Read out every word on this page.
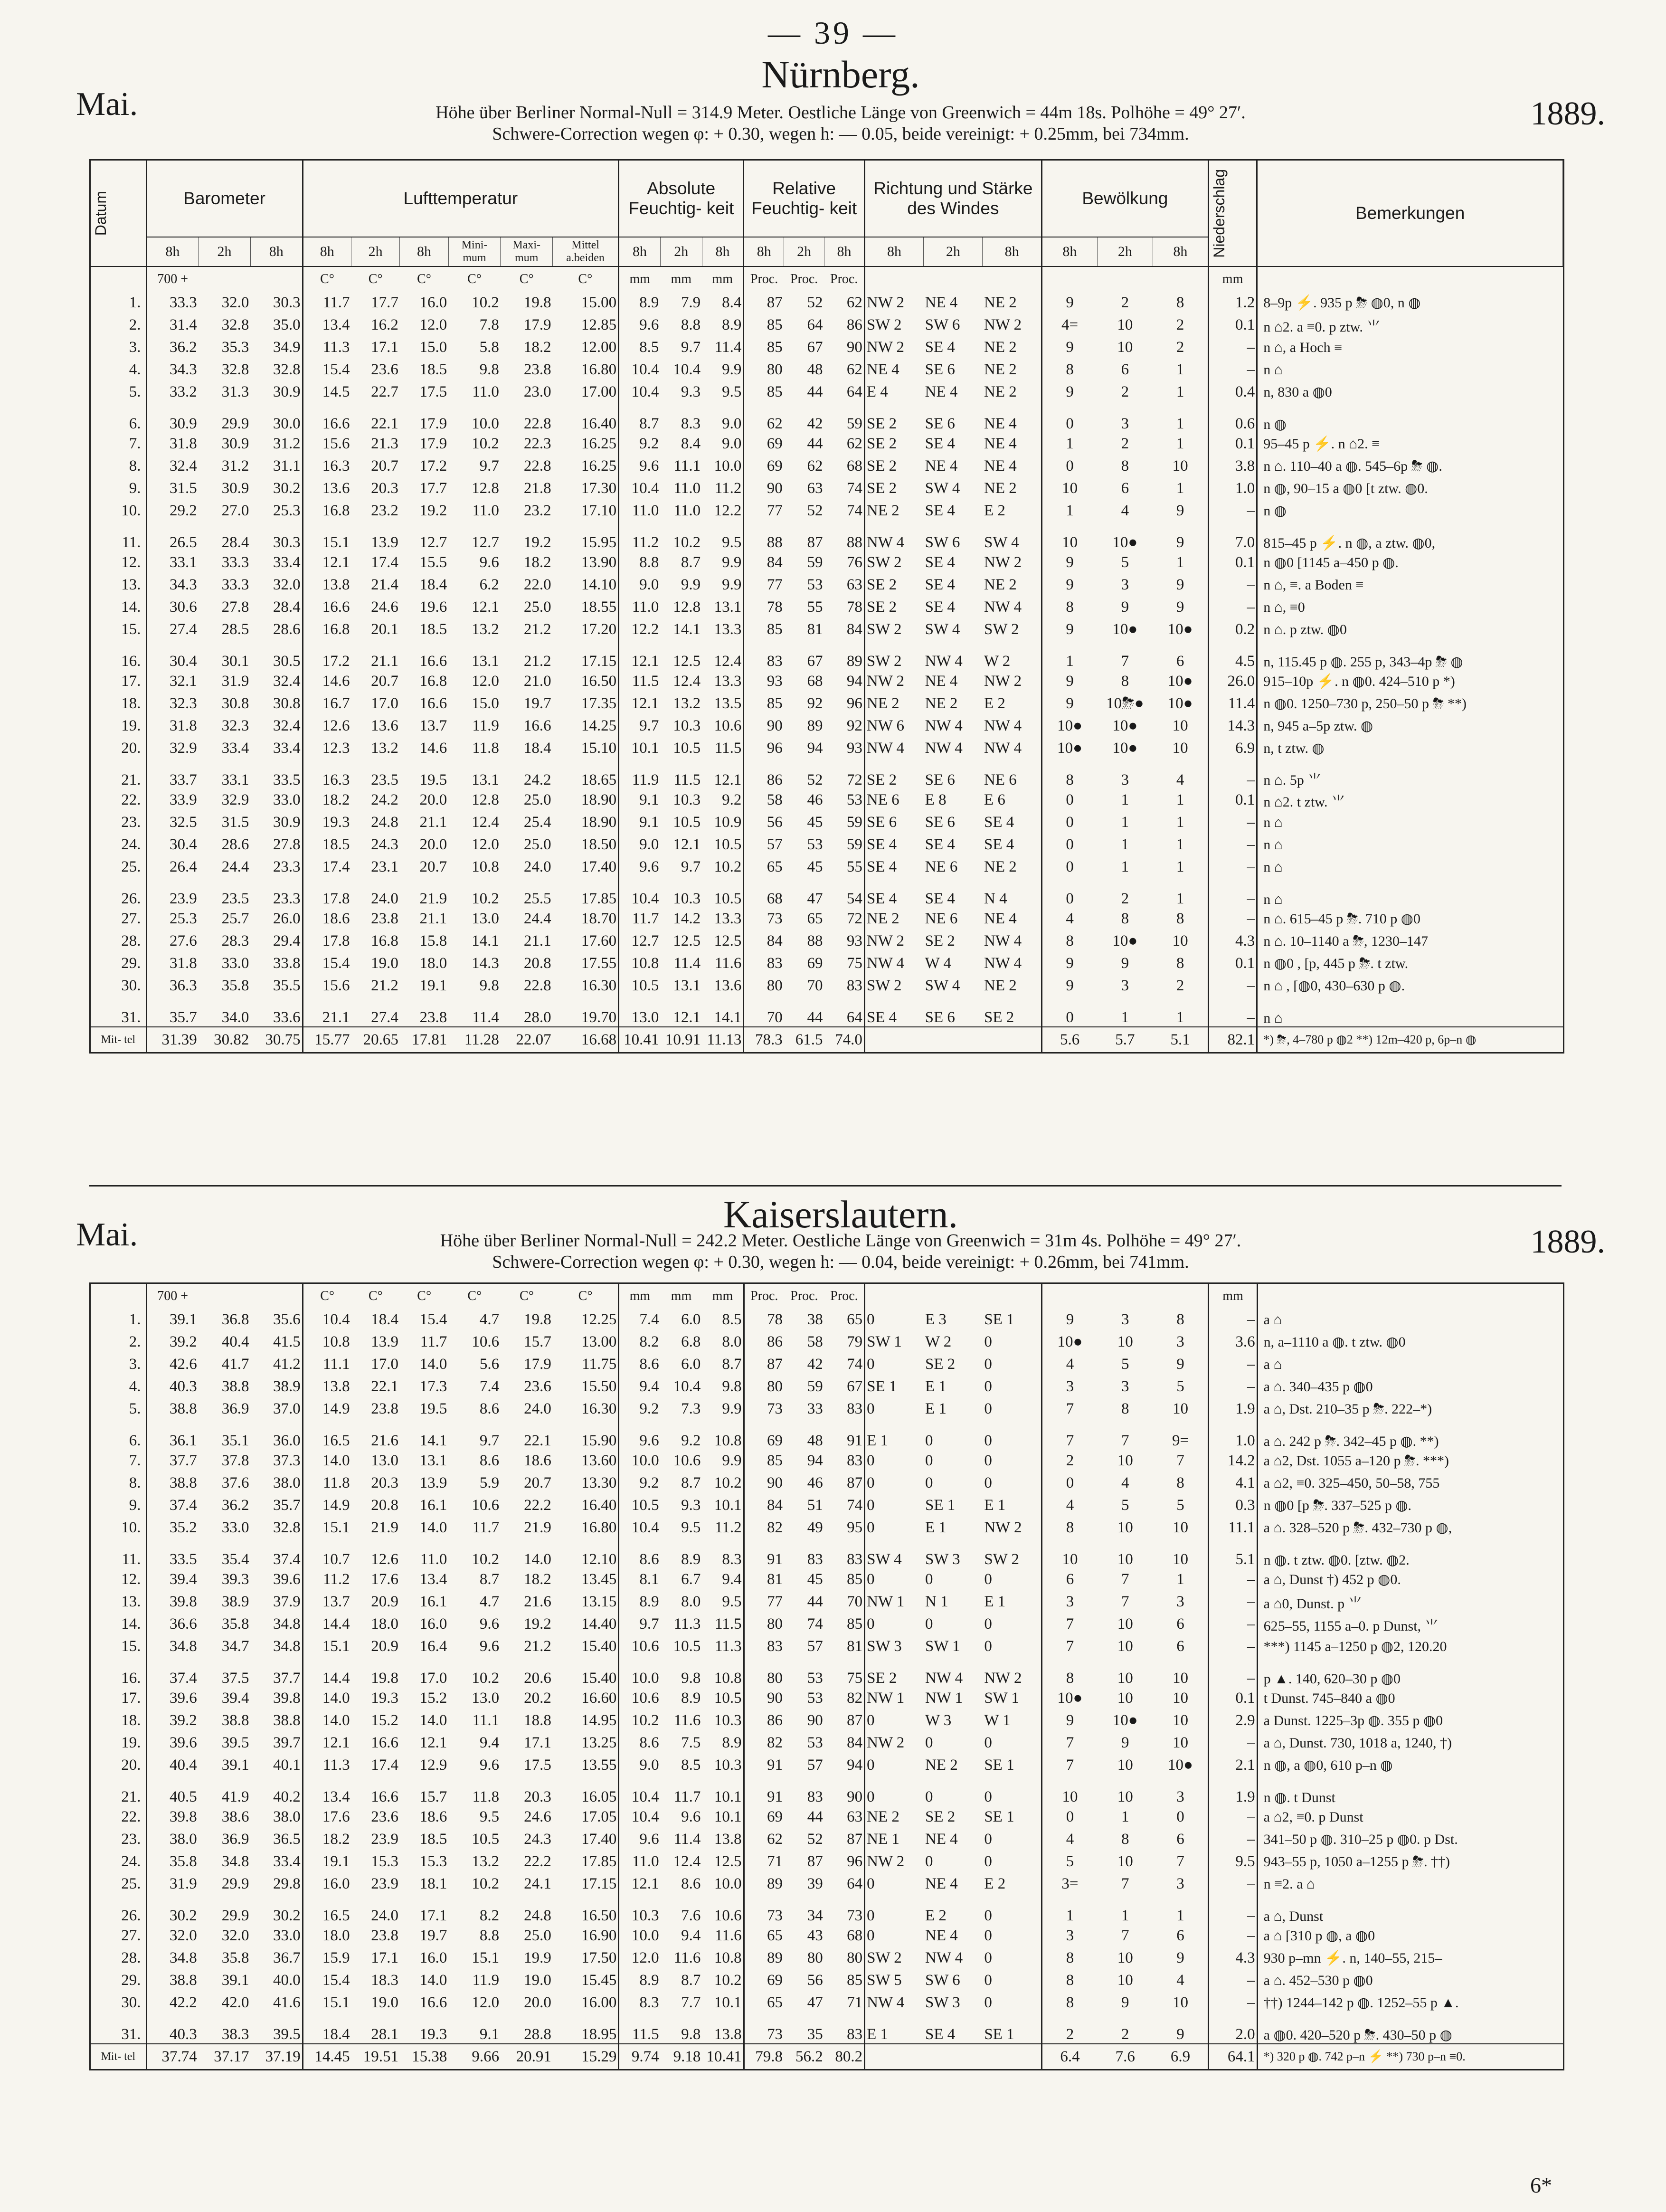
— 39 —
Nürnberg.
Mai.	1889.
Höhe über Berliner Normal-Null = 314.9 Meter. Oestliche Länge von Greenwich = 44m 18s. Polhöhe = 49° 27′.
Schwere-Correction wegen φ: + 0.30, wegen h: — 0.05, beide vereinigt: + 0.25mm, bei 734mm.
Datum	Barometer			Lufttemperatur						Absolute Feuchtig- keit			Relative Feuchtig- keit			Richtung und Stärke des Windes			Bewölkung			Niederschlag	Bemerkungen
	8h	2h	8h	8h	2h	8h	Mini- mum	Maxi- mum	Mittel a.beiden	8h	2h	8h	8h	2h	8h	8h	2h	8h	8h	2h	8h		
	700 +			C°	C°	C°	C°	C°	C°	mm	mm	mm	Proc.	Proc.	Proc.							mm	
1.	33.3	32.0	30.3	11.7	17.7	16.0	10.2	19.8	15.00	8.9	7.9	8.4	87	52	62	NW 2	NE 4	NE 2	9	2	8	1.2	8–9p ⚡. 935 p ⛈ ◍0, n ◍
2.	31.4	32.8	35.0	13.4	16.2	12.0	7.8	17.9	12.85	9.6	8.8	8.9	85	64	86	SW 2	SW 6	NW 2	4=	10	2	0.1	n ⌂2. a ≡0. p ztw. ⺌
3.	36.2	35.3	34.9	11.3	17.1	15.0	5.8	18.2	12.00	8.5	9.7	11.4	85	67	90	NW 2	SE 4	NE 2	9	10	2	–	n ⌂, a Hoch ≡
4.	34.3	32.8	32.8	15.4	23.6	18.5	9.8	23.8	16.80	10.4	10.4	9.9	80	48	62	NE 4	SE 6	NE 2	8	6	1	–	n ⌂
5.	33.2	31.3	30.9	14.5	22.7	17.5	11.0	23.0	17.00	10.4	9.3	9.5	85	44	64	E 4	NE 4	NE 2	9	2	1	0.4	n, 830 a ◍0
6.	30.9	29.9	30.0	16.6	22.1	17.9	10.0	22.8	16.40	8.7	8.3	9.0	62	42	59	SE 2	SE 6	NE 4	0	3	1	0.6	n ◍
7.	31.8	30.9	31.2	15.6	21.3	17.9	10.2	22.3	16.25	9.2	8.4	9.0	69	44	62	SE 2	SE 4	NE 4	1	2	1	0.1	95–45 p ⚡. n ⌂2. ≡
8.	32.4	31.2	31.1	16.3	20.7	17.2	9.7	22.8	16.25	9.6	11.1	10.0	69	62	68	SE 2	NE 4	NE 4	0	8	10	3.8	n ⌂. 110–40 a ◍. 545–6p ⛈ ◍.
9.	31.5	30.9	30.2	13.6	20.3	17.7	12.8	21.8	17.30	10.4	11.0	11.2	90	63	74	SE 2	SW 4	NE 2	10	6	1	1.0	n ◍, 90–15 a ◍0 [t ztw. ◍0.
10.	29.2	27.0	25.3	16.8	23.2	19.2	11.0	23.2	17.10	11.0	11.0	12.2	77	52	74	NE 2	SE 4	E 2	1	4	9	–	n ◍
11.	26.5	28.4	30.3	15.1	13.9	12.7	12.7	19.2	15.95	11.2	10.2	9.5	88	87	88	NW 4	SW 6	SW 4	10	10●	9	7.0	815–45 p ⚡. n ◍, a ztw. ◍0,
12.	33.1	33.3	33.4	12.1	17.4	15.5	9.6	18.2	13.90	8.8	8.7	9.9	84	59	76	SW 2	SE 4	NW 2	9	5	1	0.1	n ◍0 [1145 a–450 p ◍.
13.	34.3	33.3	32.0	13.8	21.4	18.4	6.2	22.0	14.10	9.0	9.9	9.9	77	53	63	SE 2	SE 4	NE 2	9	3	9	–	n ⌂, ≡. a Boden ≡
14.	30.6	27.8	28.4	16.6	24.6	19.6	12.1	25.0	18.55	11.0	12.8	13.1	78	55	78	SE 2	SE 4	NW 4	8	9	9	–	n ⌂, ≡0
15.	27.4	28.5	28.6	16.8	20.1	18.5	13.2	21.2	17.20	12.2	14.1	13.3	85	81	84	SW 2	SW 4	SW 2	9	10●	10●	0.2	n ⌂. p ztw. ◍0
16.	30.4	30.1	30.5	17.2	21.1	16.6	13.1	21.2	17.15	12.1	12.5	12.4	83	67	89	SW 2	NW 4	W 2	1	7	6	4.5	n, 115.45 p ◍. 255 p, 343–4p ⛈ ◍
17.	32.1	31.9	32.4	14.6	20.7	16.8	12.0	21.0	16.50	11.5	12.4	13.3	93	68	94	NW 2	NE 4	NW 2	9	8	10●	26.0	915–10p ⚡. n ◍0. 424–510 p *)
18.	32.3	30.8	30.8	16.7	17.0	16.6	15.0	19.7	17.35	12.1	13.2	13.5	85	92	96	NE 2	NE 2	E 2	9	10⛈●	10●	11.4	n ◍0. 1250–730 p, 250–50 p ⛈ **)
19.	31.8	32.3	32.4	12.6	13.6	13.7	11.9	16.6	14.25	9.7	10.3	10.6	90	89	92	NW 6	NW 4	NW 4	10●	10●	10	14.3	n, 945 a–5p ztw. ◍
20.	32.9	33.4	33.4	12.3	13.2	14.6	11.8	18.4	15.10	10.1	10.5	11.5	96	94	93	NW 4	NW 4	NW 4	10●	10●	10	6.9	n, t ztw. ◍
21.	33.7	33.1	33.5	16.3	23.5	19.5	13.1	24.2	18.65	11.9	11.5	12.1	86	52	72	SE 2	SE 6	NE 6	8	3	4	–	n ⌂. 5p ⺌
22.	33.9	32.9	33.0	18.2	24.2	20.0	12.8	25.0	18.90	9.1	10.3	9.2	58	46	53	NE 6	E 8	E 6	0	1	1	0.1	n ⌂2. t ztw. ⺌
23.	32.5	31.5	30.9	19.3	24.8	21.1	12.4	25.4	18.90	9.1	10.5	10.9	56	45	59	SE 6	SE 6	SE 4	0	1	1	–	n ⌂
24.	30.4	28.6	27.8	18.5	24.3	20.0	12.0	25.0	18.50	9.0	12.1	10.5	57	53	59	SE 4	SE 4	SE 4	0	1	1	–	n ⌂
25.	26.4	24.4	23.3	17.4	23.1	20.7	10.8	24.0	17.40	9.6	9.7	10.2	65	45	55	SE 4	NE 6	NE 2	0	1	1	–	n ⌂
26.	23.9	23.5	23.3	17.8	24.0	21.9	10.2	25.5	17.85	10.4	10.3	10.5	68	47	54	SE 4	SE 4	N 4	0	2	1	–	n ⌂
27.	25.3	25.7	26.0	18.6	23.8	21.1	13.0	24.4	18.70	11.7	14.2	13.3	73	65	72	NE 2	NE 6	NE 4	4	8	8	–	n ⌂. 615–45 p ⛈. 710 p ◍0
28.	27.6	28.3	29.4	17.8	16.8	15.8	14.1	21.1	17.60	12.7	12.5	12.5	84	88	93	NW 2	SE 2	NW 4	8	10●	10	4.3	n ⌂. 10–1140 a ⛈, 1230–147
29.	31.8	33.0	33.8	15.4	19.0	18.0	14.3	20.8	17.55	10.8	11.4	11.6	83	69	75	NW 4	W 4	NW 4	9	9	8	0.1	n ◍0 , [p, 445 p ⛈. t ztw.
30.	36.3	35.8	35.5	15.6	21.2	19.1	9.8	22.8	16.30	10.5	13.1	13.6	80	70	83	SW 2	SW 4	NE 2	9	3	2	–	n ⌂ , [◍0, 430–630 p ◍.
31.	35.7	34.0	33.6	21.1	27.4	23.8	11.4	28.0	19.70	13.0	12.1	14.1	70	44	64	SE 4	SE 6	SE 2	0	1	1	–	n ⌂
Mit- tel	31.39	30.82	30.75	15.77	20.65	17.81	11.28	22.07	16.68	10.41	10.91	11.13	78.3	61.5	74.0				5.6	5.7	5.1	82.1	*) ⛈, 4–780 p ◍2 **) 12m–420 p, 6p–n ◍
Kaiserslautern.
Mai.	1889.
Höhe über Berliner Normal-Null = 242.2 Meter. Oestliche Länge von Greenwich = 31m 4s. Polhöhe = 49° 27′.
Schwere-Correction wegen φ: + 0.30, wegen h: — 0.04, beide vereinigt: + 0.26mm, bei 741mm.
	700 +			C°	C°	C°	C°	C°	C°	mm	mm	mm	Proc.	Proc.	Proc.							mm	
1.	39.1	36.8	35.6	10.4	18.4	15.4	4.7	19.8	12.25	7.4	6.0	8.5	78	38	65	0	E 3	SE 1	9	3	8	–	a ⌂
2.	39.2	40.4	41.5	10.8	13.9	11.7	10.6	15.7	13.00	8.2	6.8	8.0	86	58	79	SW 1	W 2	0	10●	10	3	3.6	n, a–1110 a ◍. t ztw. ◍0
3.	42.6	41.7	41.2	11.1	17.0	14.0	5.6	17.9	11.75	8.6	6.0	8.7	87	42	74	0	SE 2	0	4	5	9	–	a ⌂
4.	40.3	38.8	38.9	13.8	22.1	17.3	7.4	23.6	15.50	9.4	10.4	9.8	80	59	67	SE 1	E 1	0	3	3	5	–	a ⌂. 340–435 p ◍0
5.	38.8	36.9	37.0	14.9	23.8	19.5	8.6	24.0	16.30	9.2	7.3	9.9	73	33	83	0	E 1	0	7	8	10	1.9	a ⌂, Dst. 210–35 p ⛈. 222–*)
6.	36.1	35.1	36.0	16.5	21.6	14.1	9.7	22.1	15.90	9.6	9.2	10.8	69	48	91	E 1	0	0	7	7	9=	1.0	a ⌂. 242 p ⛈. 342–45 p ◍. **)
7.	37.7	37.8	37.3	14.0	13.0	13.1	8.6	18.6	13.60	10.0	10.6	9.9	85	94	83	0	0	0	2	10	7	14.2	a ⌂2, Dst. 1055 a–120 p ⛈. ***)
8.	38.8	37.6	38.0	11.8	20.3	13.9	5.9	20.7	13.30	9.2	8.7	10.2	90	46	87	0	0	0	0	4	8	4.1	a ⌂2, ≡0. 325–450, 50–58, 755
9.	37.4	36.2	35.7	14.9	20.8	16.1	10.6	22.2	16.40	10.5	9.3	10.1	84	51	74	0	SE 1	E 1	4	5	5	0.3	n ◍0 [p ⛈. 337–525 p ◍.
10.	35.2	33.0	32.8	15.1	21.9	14.0	11.7	21.9	16.80	10.4	9.5	11.2	82	49	95	0	E 1	NW 2	8	10	10	11.1	a ⌂. 328–520 p ⛈. 432–730 p ◍,
11.	33.5	35.4	37.4	10.7	12.6	11.0	10.2	14.0	12.10	8.6	8.9	8.3	91	83	83	SW 4	SW 3	SW 2	10	10	10	5.1	n ◍. t ztw. ◍0. [ztw. ◍2.
12.	39.4	39.3	39.6	11.2	17.6	13.4	8.7	18.2	13.45	8.1	6.7	9.4	81	45	85	0	0	0	6	7	1	–	a ⌂, Dunst †) 452 p ◍0.
13.	39.8	38.9	37.9	13.7	20.9	16.1	4.7	21.6	13.15	8.9	8.0	9.5	77	44	70	NW 1	N 1	E 1	3	7	3	–	a ⌂0, Dunst. p ⺌
14.	36.6	35.8	34.8	14.4	18.0	16.0	9.6	19.2	14.40	9.7	11.3	11.5	80	74	85	0	0	0	7	10	6	–	625–55, 1155 a–0. p Dunst, ⺌
15.	34.8	34.7	34.8	15.1	20.9	16.4	9.6	21.2	15.40	10.6	10.5	11.3	83	57	81	SW 3	SW 1	0	7	10	6	–	***) 1145 a–1250 p ◍2, 120.20
16.	37.4	37.5	37.7	14.4	19.8	17.0	10.2	20.6	15.40	10.0	9.8	10.8	80	53	75	SE 2	NW 4	NW 2	8	10	10	–	p ▲. 140, 620–30 p ◍0
17.	39.6	39.4	39.8	14.0	19.3	15.2	13.0	20.2	16.60	10.6	8.9	10.5	90	53	82	NW 1	NW 1	SW 1	10●	10	10	0.1	t Dunst. 745–840 a ◍0
18.	39.2	38.8	38.8	14.0	15.2	14.0	11.1	18.8	14.95	10.2	11.6	10.3	86	90	87	0	W 3	W 1	9	10●	10	2.9	a Dunst. 1225–3p ◍. 355 p ◍0
19.	39.6	39.5	39.7	12.1	16.6	12.1	9.4	17.1	13.25	8.6	7.5	8.9	82	53	84	NW 2	0	0	7	9	10	–	a ⌂, Dunst. 730, 1018 a, 1240, †)
20.	40.4	39.1	40.1	11.3	17.4	12.9	9.6	17.5	13.55	9.0	8.5	10.3	91	57	94	0	NE 2	SE 1	7	10	10●	2.1	n ◍, a ◍0, 610 p–n ◍
21.	40.5	41.9	40.2	13.4	16.6	15.7	11.8	20.3	16.05	10.4	11.7	10.1	91	83	90	0	0	0	10	10	3	1.9	n ◍. t Dunst
22.	39.8	38.6	38.0	17.6	23.6	18.6	9.5	24.6	17.05	10.4	9.6	10.1	69	44	63	NE 2	SE 2	SE 1	0	1	0	–	a ⌂2, ≡0. p Dunst
23.	38.0	36.9	36.5	18.2	23.9	18.5	10.5	24.3	17.40	9.6	11.4	13.8	62	52	87	NE 1	NE 4	0	4	8	6	–	341–50 p ◍. 310–25 p ◍0. p Dst.
24.	35.8	34.8	33.4	19.1	15.3	15.3	13.2	22.2	17.85	11.0	12.4	12.5	71	87	96	NW 2	0	0	5	10	7	9.5	943–55 p, 1050 a–1255 p ⛈. ††)
25.	31.9	29.9	29.8	16.0	23.9	18.1	10.2	24.1	17.15	12.1	8.6	10.0	89	39	64	0	NE 4	E 2	3=	7	3	–	n ≡2. a ⌂
26.	30.2	29.9	30.2	16.5	24.0	17.1	8.2	24.8	16.50	10.3	7.6	10.6	73	34	73	0	E 2	0	1	1	1	–	a ⌂, Dunst
27.	32.0	32.0	33.0	18.0	23.8	19.7	8.8	25.0	16.90	10.0	9.4	11.6	65	43	68	0	NE 4	0	3	7	6	–	a ⌂ [310 p ◍, a ◍0
28.	34.8	35.8	36.7	15.9	17.1	16.0	15.1	19.9	17.50	12.0	11.6	10.8	89	80	80	SW 2	NW 4	0	8	10	9	4.3	930 p–mn ⚡. n, 140–55, 215–
29.	38.8	39.1	40.0	15.4	18.3	14.0	11.9	19.0	15.45	8.9	8.7	10.2	69	56	85	SW 5	SW 6	0	8	10	4	–	a ⌂. 452–530 p ◍0
30.	42.2	42.0	41.6	15.1	19.0	16.6	12.0	20.0	16.00	8.3	7.7	10.1	65	47	71	NW 4	SW 3	0	8	9	10	–	††) 1244–142 p ◍. 1252–55 p ▲.
31.	40.3	38.3	39.5	18.4	28.1	19.3	9.1	28.8	18.95	11.5	9.8	13.8	73	35	83	E 1	SE 4	SE 1	2	2	9	2.0	a ◍0. 420–520 p ⛈. 430–50 p ◍
Mit- tel	37.74	37.17	37.19	14.45	19.51	15.38	9.66	20.91	15.29	9.74	9.18	10.41	79.8	56.2	80.2				6.4	7.6	6.9	64.1	*) 320 p ◍. 742 p–n ⚡ **) 730 p–n ≡0.
6*
